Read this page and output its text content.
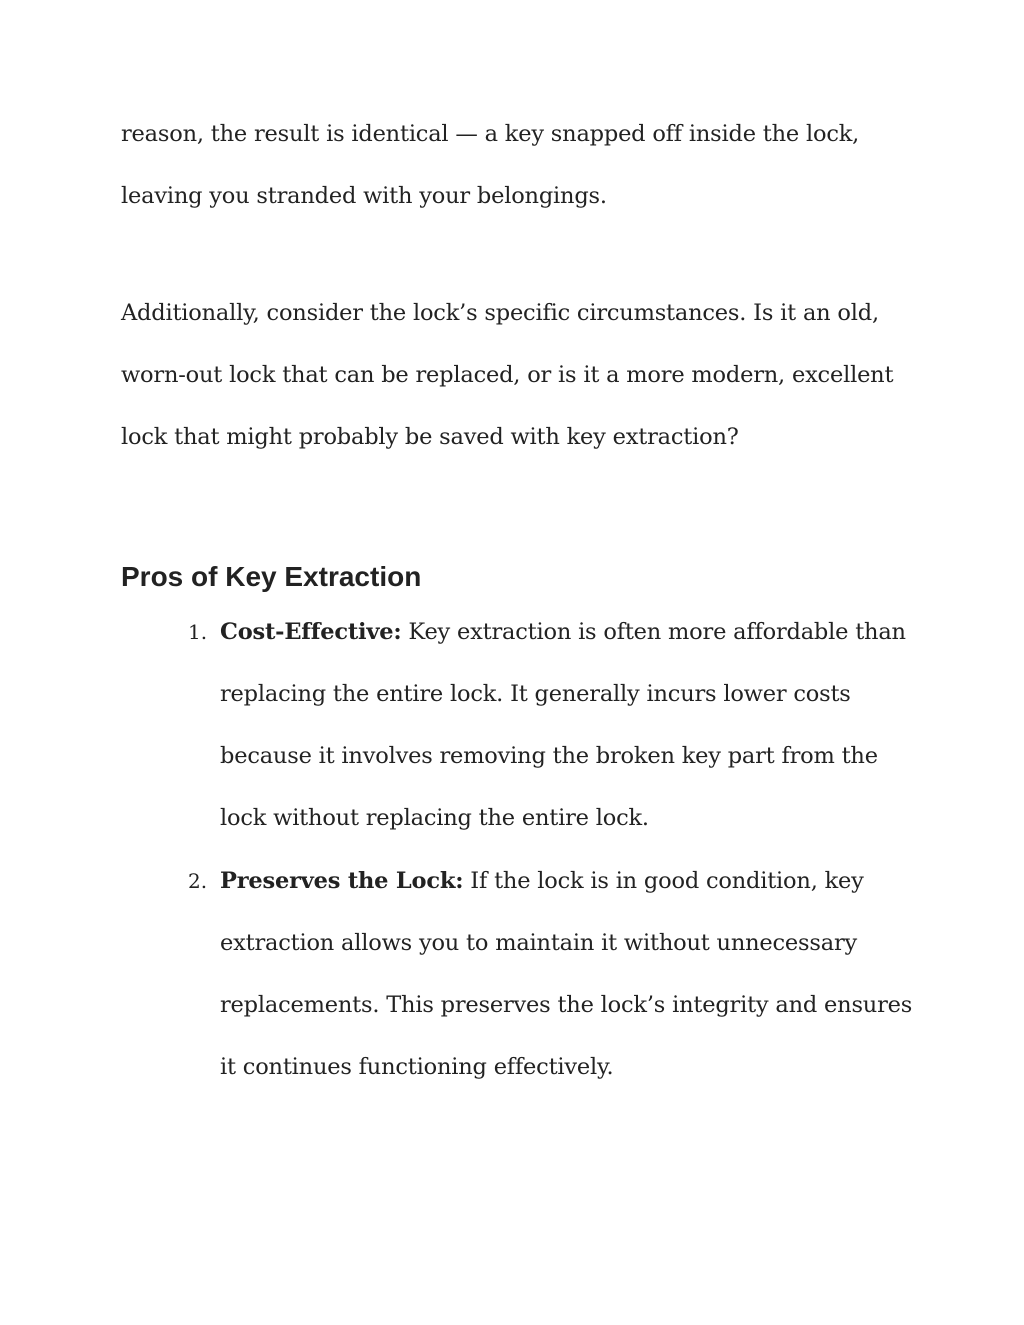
reason, the result is identical — a key snapped off inside the lock,
leaving you stranded with your belongings.
Additionally, consider the lock’s specific circumstances. Is it an old,
worn-out lock that can be replaced, or is it a more modern, excellent
lock that might probably be saved with key extraction?
Pros of Key Extraction
1. Cost-Effective: Key extraction is often more affordable than
replacing the entire lock. It generally incurs lower costs
because it involves removing the broken key part from the
lock without replacing the entire lock.
2. Preserves the Lock: If the lock is in good condition, key
extraction allows you to maintain it without unnecessary
replacements. This preserves the lock’s integrity and ensures
it continues functioning effectively.
